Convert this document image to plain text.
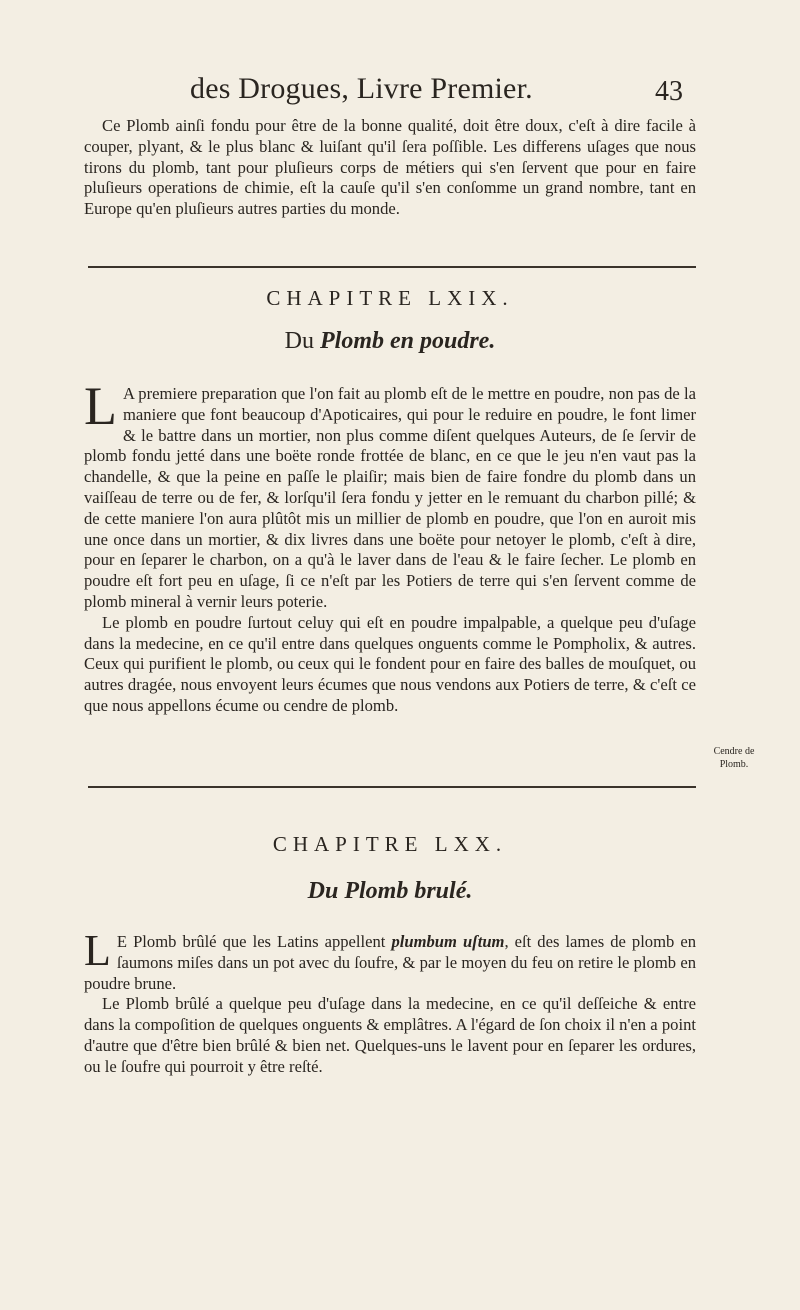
des Drogues, Livre Premier.	43

Ce Plomb ainſi fondu pour être de la bonne qualité, doit être doux, c'eſt à dire facile à couper, plyant, & le plus blanc & luiſant qu'il ſera poſſible. Les differens uſages que nous tirons du plomb, tant pour pluſieurs corps de métiers qui s'en ſervent que pour en faire pluſieurs operations de chimie, eſt la cauſe qu'il s'en conſomme un grand nombre, tant en Europe qu'en pluſieurs autres parties du monde.

CHAPITRE LXIX.
Du Plomb en poudre.

L A premiere preparation que l'on fait au plomb eſt de le mettre en poudre, non pas de la maniere que font beaucoup d'Apoticaires, qui pour le reduire en poudre, le font limer & le battre dans un mortier, non plus comme diſent quelques Auteurs, de ſe ſervir de plomb fondu jetté dans une boëte ronde frottée de blanc, en ce que le jeu n'en vaut pas la chandelle, & que la peine en paſſe le plaiſir; mais bien de faire fondre du plomb dans un vaiſſeau de terre ou de fer, & lorſqu'il ſera fondu y jetter en le remuant du charbon pillé; & de cette maniere l'on aura plûtôt mis un millier de plomb en poudre, que l'on en auroit mis une once dans un mortier, & dix livres dans une boëte pour netoyer le plomb, c'eſt à dire, pour en ſeparer le charbon, on a qu'à le laver dans de l'eau & le faire ſecher. Le plomb en poudre eſt fort peu en uſage, ſi ce n'eſt par les Potiers de terre qui s'en ſervent comme de plomb mineral à vernir leurs poterie.

Le plomb en poudre ſurtout celuy qui eſt en poudre impalpable, a quelque peu d'uſage dans la medecine, en ce qu'il entre dans quelques onguents comme le Pompholix, & autres. Ceux qui purifient le plomb, ou ceux qui le fondent pour en faire des balles de mouſquet, ou autres dragée, nous envoyent leurs écumes que nous vendons aux Potiers de terre, & c'eſt ce que nous appellons écume ou cendre de plomb.

Cendre de
Plomb.
CHAPITRE LXX.
Du Plomb brulé.

L E Plomb brûlé que les Latins appellent plumbum uſtum, eſt des lames de plomb en ſaumons miſes dans un pot avec du ſoufre, & par le moyen du feu on retire le plomb en poudre brune.

Le Plomb brûlé a quelque peu d'uſage dans la medecine, en ce qu'il deſſeiche & entre dans la compoſition de quelques onguents & emplâtres. A l'égard de ſon choix il n'en a point d'autre que d'être bien brûlé & bien net. Quelques-uns le lavent pour en ſeparer les ordures, ou le ſoufre qui pourroit y être reſté.
